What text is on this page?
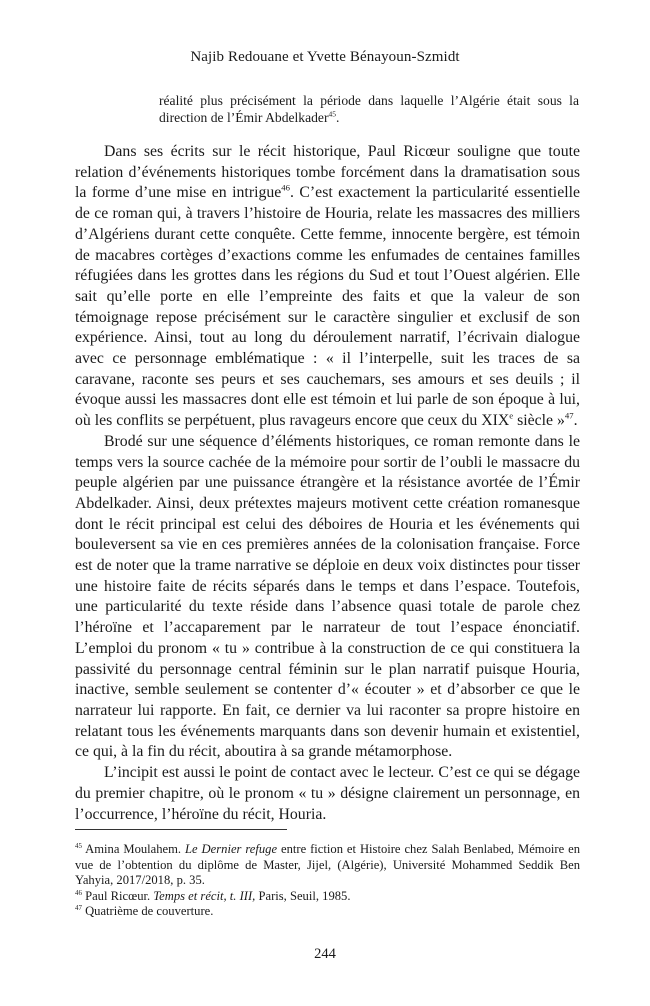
Najib Redouane et Yvette Bénayoun-Szmidt
réalité plus précisément la période dans laquelle l’Algérie était sous la direction de l’Émir Abdelkader$^{45}$.

Dans ses écrits sur le récit historique, Paul Ricœur souligne que toute relation d’événements historiques tombe forcément dans la dramatisation sous la forme d’une mise en intrigue$^{46}$. C’est exactement la particularité essentielle de ce roman qui, à travers l’histoire de Houria, relate les massacres des milliers d’Algériens durant cette conquête. Cette femme, innocente bergère, est témoin de macabres cortèges d’exactions comme les enfumades de centaines familles réfugiées dans les grottes dans les régions du Sud et tout l’Ouest algérien. Elle sait qu’elle porte en elle l’empreinte des faits et que la valeur de son témoignage repose précisément sur le caractère singulier et exclusif de son expérience. Ainsi, tout au long du déroulement narratif, l’écrivain dialogue avec ce personnage emblématique : « il l’interpelle, suit les traces de sa caravane, raconte ses peurs et ses cauchemars, ses amours et ses deuils ; il évoque aussi les massacres dont elle est témoin et lui parle de son époque à lui, où les conflits se perpétuent, plus ravageurs encore que ceux du XIXe siècle »$^{47}$.

Brodé sur une séquence d’éléments historiques, ce roman remonte dans le temps vers la source cachée de la mémoire pour sortir de l’oubli le massacre du peuple algérien par une puissance étrangère et la résistance avortée de l’Émir Abdelkader. Ainsi, deux prétextes majeurs motivent cette création romanesque dont le récit principal est celui des déboires de Houria et les événements qui bouleversent sa vie en ces premières années de la colonisation française. Force est de noter que la trame narrative se déploie en deux voix distinctes pour tisser une histoire faite de récits séparés dans le temps et dans l’espace. Toutefois, une particularité du texte réside dans l’absence quasi totale de parole chez l’héroïne et l’accaparement par le narrateur de tout l’espace énonciatif. L’emploi du pronom « tu » contribue à la construction de ce qui constituera la passivité du personnage central féminin sur le plan narratif puisque Houria, inactive, semble seulement se contenter d’« écouter » et d’absorber ce que le narrateur lui rapporte. En fait, ce dernier va lui raconter sa propre histoire en relatant tous les événements marquants dans son devenir humain et existentiel, ce qui, à la fin du récit, aboutira à sa grande métamorphose.

L’incipit est aussi le point de contact avec le lecteur. C’est ce qui se dégage du premier chapitre, où le pronom « tu » désigne clairement un personnage, en l’occurrence, l’héroïne du récit, Houria.

$^{45}$ Amina Moulahem. Le Dernier refuge entre fiction et Histoire chez Salah Benlabed, Mémoire en vue de l’obtention du diplôme de Master, Jijel, (Algérie), Université Mohammed Seddik Ben Yahyia, 2017/2018, p. 35.

$^{46}$ Paul Ricœur. Temps et récit, t. III, Paris, Seuil, 1985.

$^{47}$ Quatrième de couverture.

244
